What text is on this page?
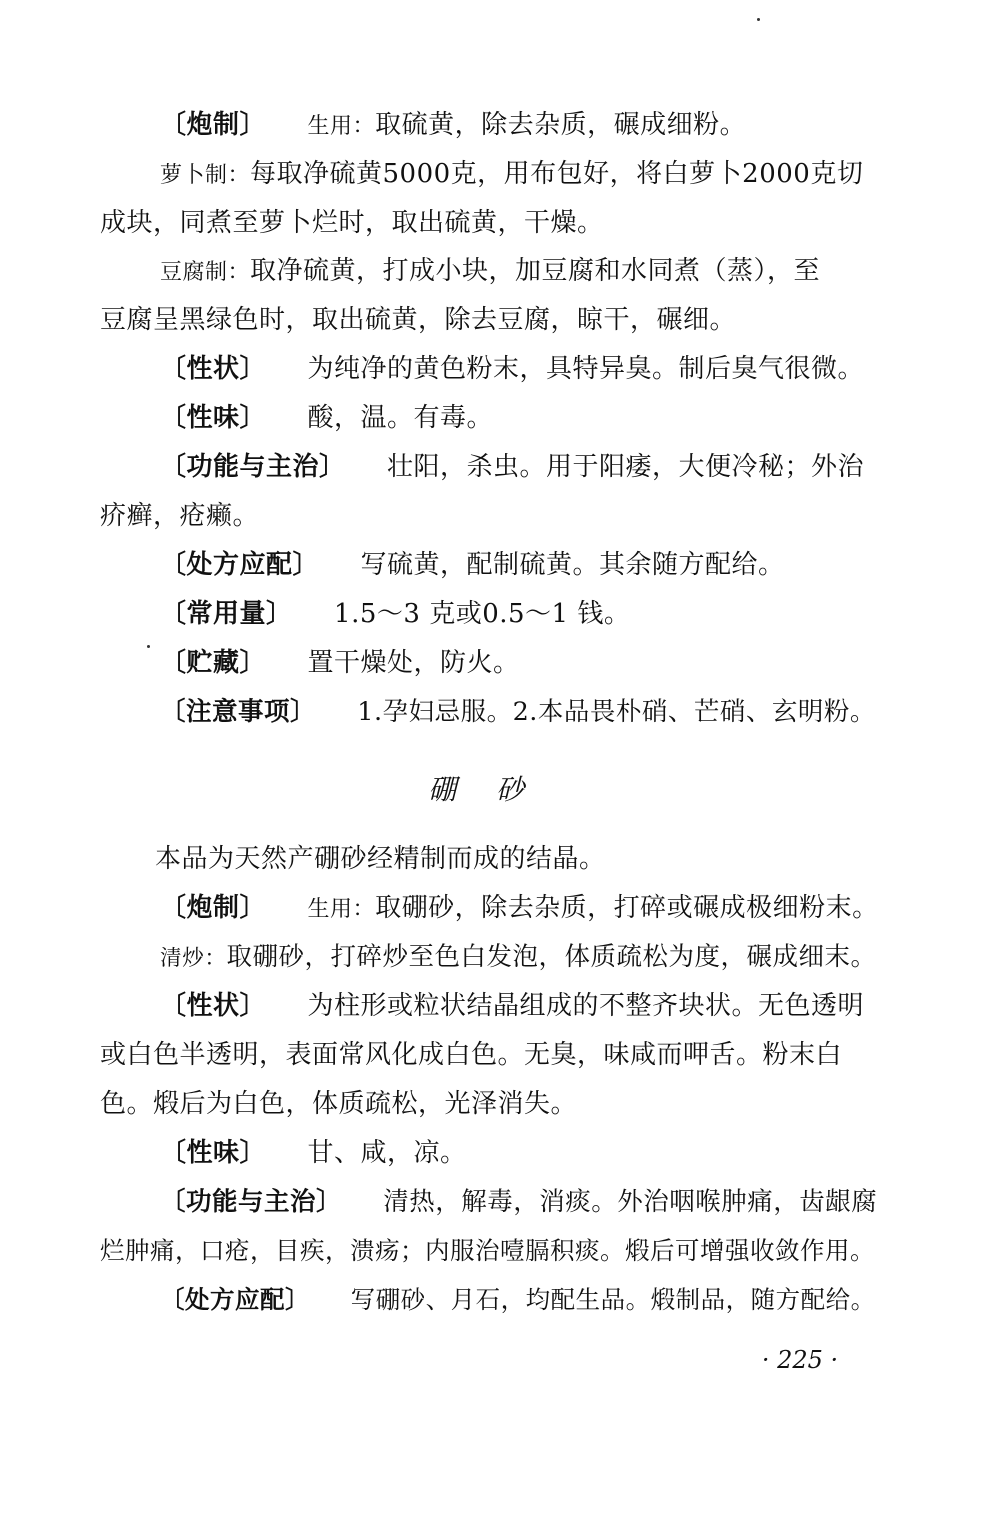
〔炮制〕 生用：取硫黄，除去杂质，碾成细粉。
萝卜制：每取净硫黄5000克，用布包好，将白萝卜2000克切
成块，同煮至萝卜烂时，取出硫黄，干燥。
豆腐制：取净硫黄，打成小块，加豆腐和水同煮（蒸），至
豆腐呈黑绿色时，取出硫黄，除去豆腐，晾干，碾细。
〔性状〕 为纯净的黄色粉末，具特异臭。制后臭气很微。
〔性味〕 酸，温。有毒。
〔功能与主治〕 壮阳，杀虫。用于阳痿，大便冷秘；外治
疥癣，疮癞。
〔处方应配〕 写硫黄，配制硫黄。其余随方配给。
〔常用量〕 1.5～3 克或0.5～1 钱。
〔贮藏〕 置干燥处，防火。
〔注意事项〕 1.孕妇忌服。2.本品畏朴硝、芒硝、玄明粉。
硼砂
本品为天然产硼砂经精制而成的结晶。
〔炮制〕 生用：取硼砂，除去杂质，打碎或碾成极细粉末。
清炒：取硼砂，打碎炒至色白发泡，体质疏松为度，碾成细末。
〔性状〕 为柱形或粒状结晶组成的不整齐块状。无色透明
或白色半透明，表面常风化成白色。无臭，味咸而呷舌。粉末白
色。煅后为白色，体质疏松，光泽消失。
〔性味〕 甘、咸，凉。
〔功能与主治〕 清热，解毒，消痰。外治咽喉肿痛，齿龈腐
烂肿痛，口疮，目疾，溃疡；内服治噎膈积痰。煅后可增强收敛作用。
〔处方应配〕 写硼砂、月石，均配生品。煅制品，随方配给。
· 225 ·
